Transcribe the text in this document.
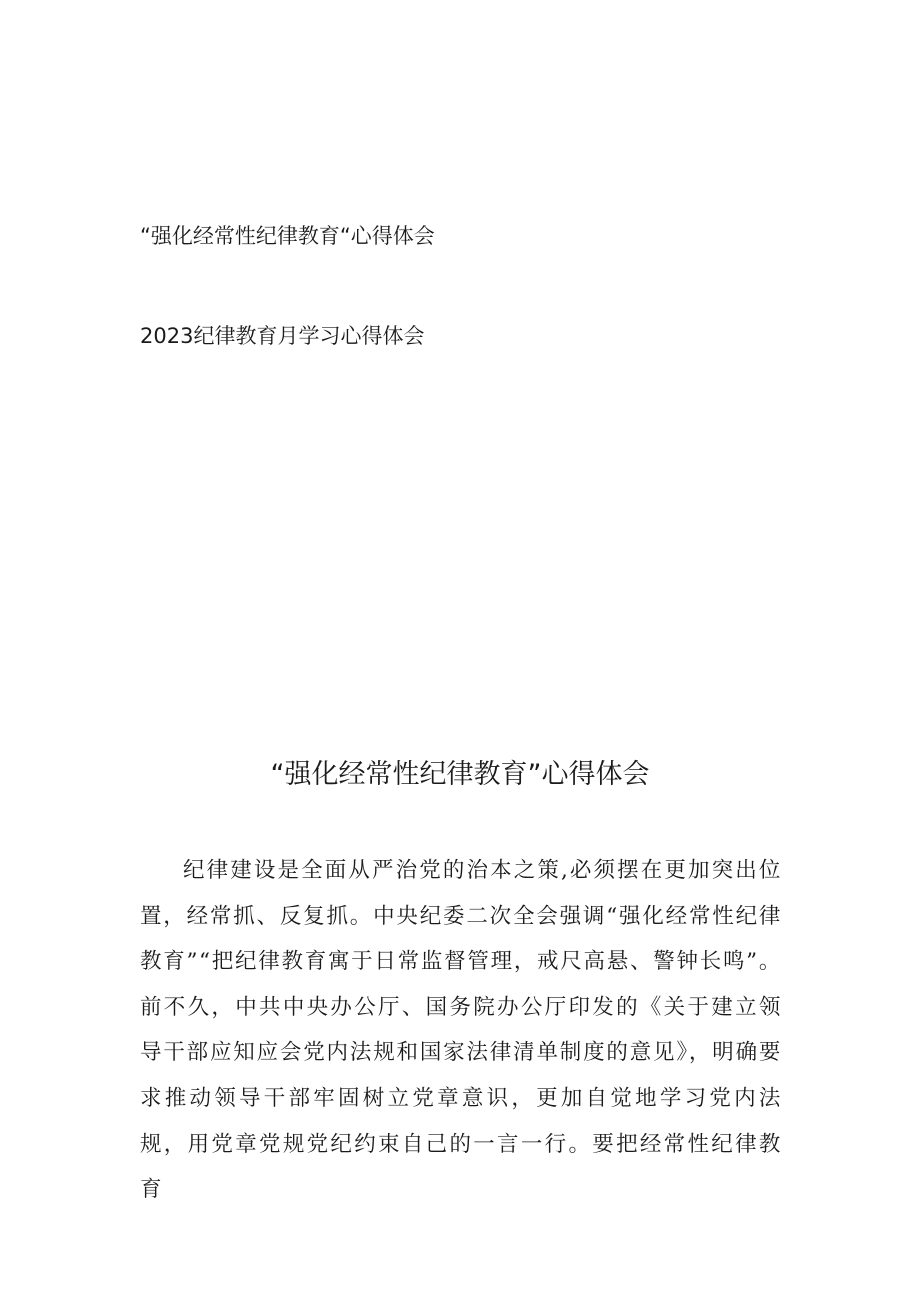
“强化经常性纪律教育“心得体会
2023纪律教育月学习心得体会
“强化经常性纪律教育”心得体会

纪律建设是全面从严治党的治本之策,必须摆在更加突出位置，经常抓、反复抓。中央纪委二次全会强调“强化经常性纪律教育”“把纪律教育寓于日常监督管理，戒尺高悬、警钟长鸣”。前不久，中共中央办公厅、国务院办公厅印发的《关于建立领导干部应知应会党内法规和国家法律清单制度的意见》，明确要求推动领导干部牢固树立党章意识，更加自觉地学习党内法规，用党章党规党纪约束自己的一言一行。要把经常性纪律教育
